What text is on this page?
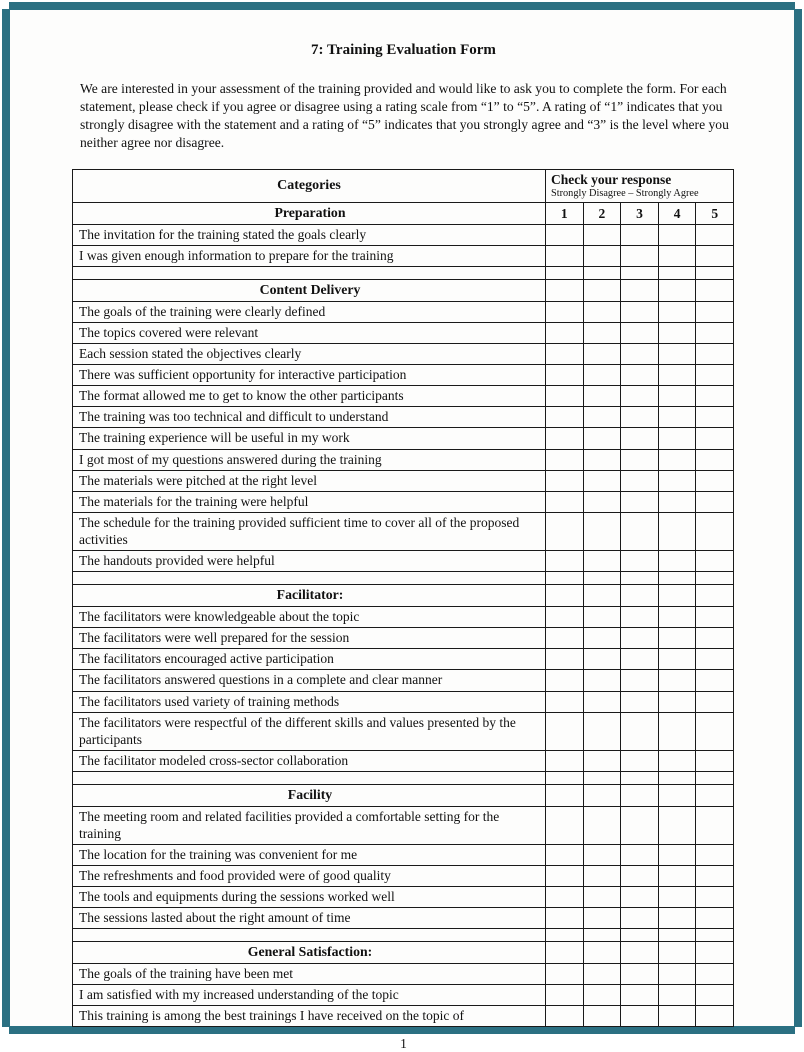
7: Training Evaluation Form

We are interested in your assessment of the training provided and would like to ask you to complete the form. For each statement, please check if you agree or disagree using a rating scale from “1” to “5”. A rating of “1” indicates that you strongly disagree with the statement and a rating of “5” indicates that you strongly agree and “3” is the level where you neither agree nor disagree.

Categories	Check your response
Strongly Disagree – Strongly Agree				

Preparation	1	2	3	4	5
The invitation for the training stated the goals clearly					
I was given enough information to prepare for the training					

Content Delivery					
The goals of the training were clearly defined					
The topics covered were relevant					
Each session stated the objectives clearly					
There was sufficient opportunity for interactive participation					
The format allowed me to get to know the other participants					
The training was too technical and difficult to understand					
The training experience will be useful in my work					
I got most of my questions answered during the training					
The materials were pitched at the right level					
The materials for the training were helpful					
The schedule for the training provided sufficient time to cover all of the proposed activities					
The handouts provided were helpful					

Facilitator:					
The facilitators were knowledgeable about the topic					
The facilitators were well prepared for the session					
The facilitators encouraged active participation					
The facilitators answered questions in a complete and clear manner					
The facilitators used variety of training methods					
The facilitators were respectful of the different skills and values presented by the participants					
The facilitator modeled cross-sector collaboration					

Facility					
The meeting room and related facilities provided a comfortable setting for the training					
The location for the training was convenient for me					
The refreshments and food provided were of good quality					
The tools and equipments during the sessions worked well					
The sessions lasted about the right amount of time					

General Satisfaction:					
The goals of the training have been met					
I am satisfied with my increased understanding of the topic					
This training is among the best trainings I have received on the topic of					
1
